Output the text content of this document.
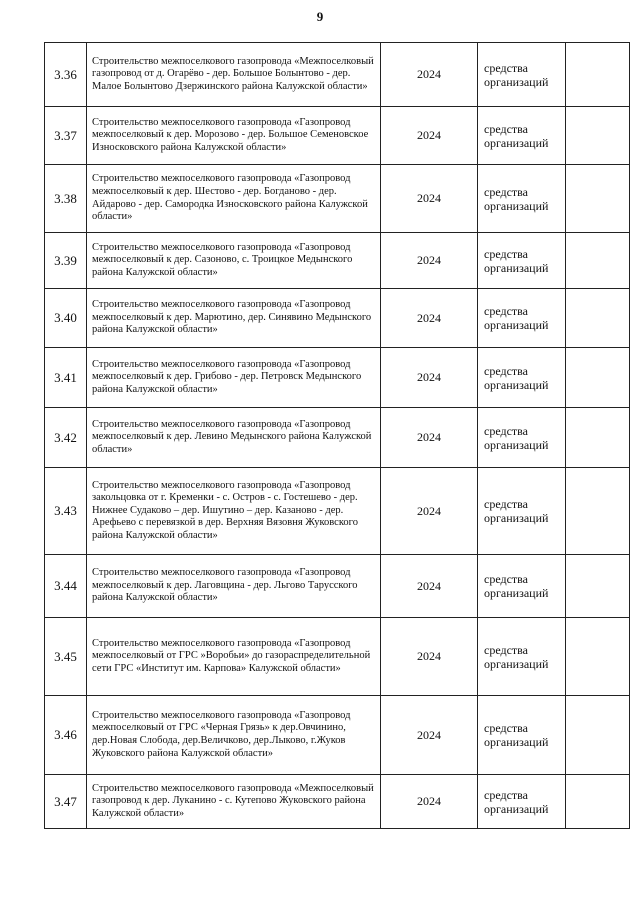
9
3.36	Строительство межпоселкового газопровода «Межпоселковый газопровод от д. Огарёво - дер. Большое Болынтово - дер. Малое Болынтово Дзержинского района Калужской области»	2024	средства организаций	
3.37	Строительство межпоселкового газопровода «Газопровод межпоселковый к дер. Морозово - дер. Большое Семеновское Износковского района Калужской области»	2024	средства организаций	
3.38	Строительство межпоселкового газопровода «Газопровод межпоселковый к дер. Шестово - дер. Богданово - дер. Айдарово - дер. Самородка Износковского района Калужской области»	2024	средства организаций	
3.39	Строительство межпоселкового газопровода «Газопровод межпоселковый к дер. Сазоново, с. Троицкое Медынского района Калужской области»	2024	средства организаций	
3.40	Строительство межпоселкового газопровода «Газопровод межпоселковый к дер. Марютино, дер. Синявино Медынского района Калужской области»	2024	средства организаций	
3.41	Строительство межпоселкового газопровода «Газопровод межпоселковый к дер. Грибово - дер. Петровск Медынского района Калужской области»	2024	средства организаций	
3.42	Строительство межпоселкового газопровода «Газопровод межпоселковый к дер. Левино Медынского района Калужской области»	2024	средства организаций	
3.43	Строительство межпоселкового газопровода «Газопровод закольцовка от г. Кременки - с. Остров - с. Гостешево - дер. Нижнее Судаково – дер. Ишутино – дер. Казаново - дер. Арефьево с перевязкой в дер. Верхняя Вязовня Жуковского района Калужской области»	2024	средства организаций	
3.44	Строительство межпоселкового газопровода «Газопровод межпоселковый к дер. Лаговщина - дер. Льгово Тарусского района Калужской области»	2024	средства организаций	
3.45	Строительство межпоселкового газопровода «Газопровод межпоселковый от ГРС »Воробьи» до газораспределительной сети ГРС «Институт им. Карпова» Калужской области»	2024	средства организаций	
3.46	Строительство межпоселкового газопровода «Газопровод межпоселковый от ГРС «Черная Грязь» к дер.Овчинино, дер.Новая Слобода, дер.Величково, дер.Лыково, г.Жуков Жуковского района Калужской области»	2024	средства организаций	
3.47	Строительство межпоселкового газопровода «Межпоселковый газопровод к дер. Луканино - с. Кутепово Жуковского района Калужской области»	2024	средства организаций	
